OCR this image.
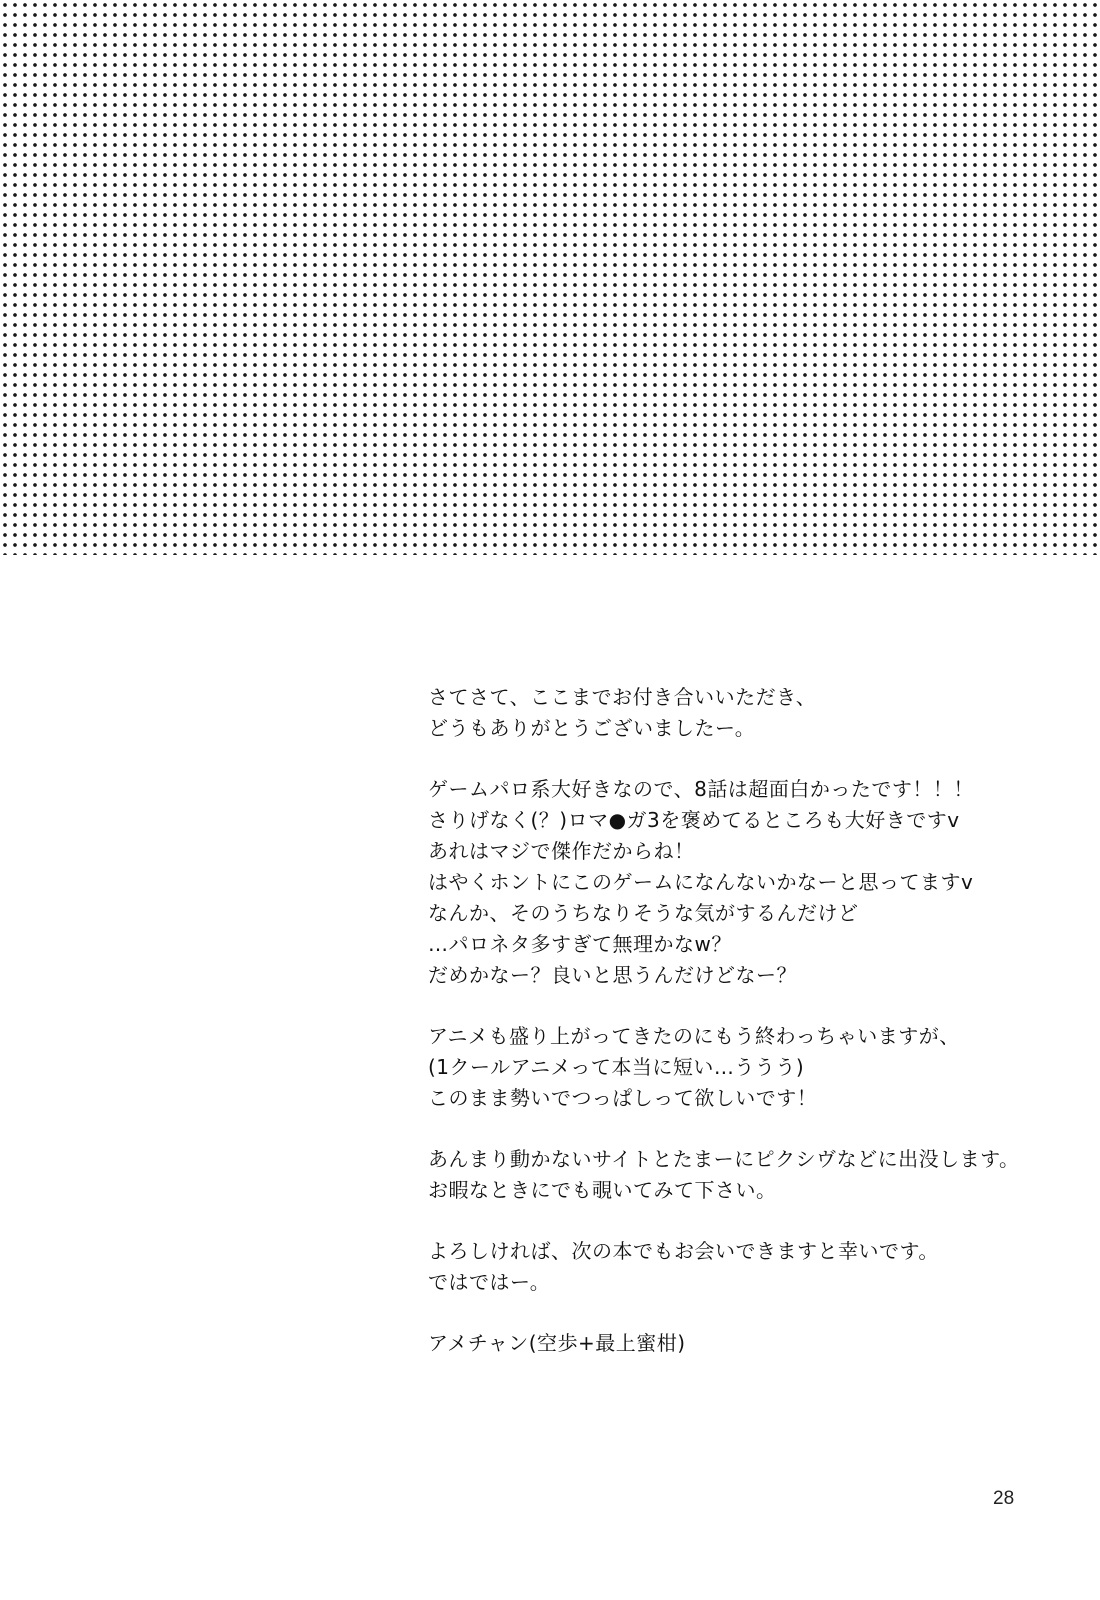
さてさて、ここまでお付き合いいただき、
どうもありがとうございましたー。
ゲームパロ系大好きなので、8話は超面白かったです！！！
さりげなく(？)ロマ●ガ3を褒めてるところも大好きですv
あれはマジで傑作だからね！
はやくホントにこのゲームになんないかなーと思ってますv
なんか、そのうちなりそうな気がするんだけど
…パロネタ多すぎて無理かなw？
だめかなー？良いと思うんだけどなー？
アニメも盛り上がってきたのにもう終わっちゃいますが、
(1クールアニメって本当に短い…ううう)
このまま勢いでつっぱしって欲しいです！
あんまり動かないサイトとたまーにピクシヴなどに出没します。
お暇なときにでも覗いてみて下さい。
よろしければ、次の本でもお会いできますと幸いです。
ではではー。
アメチャン(空歩+最上蜜柑)
28
